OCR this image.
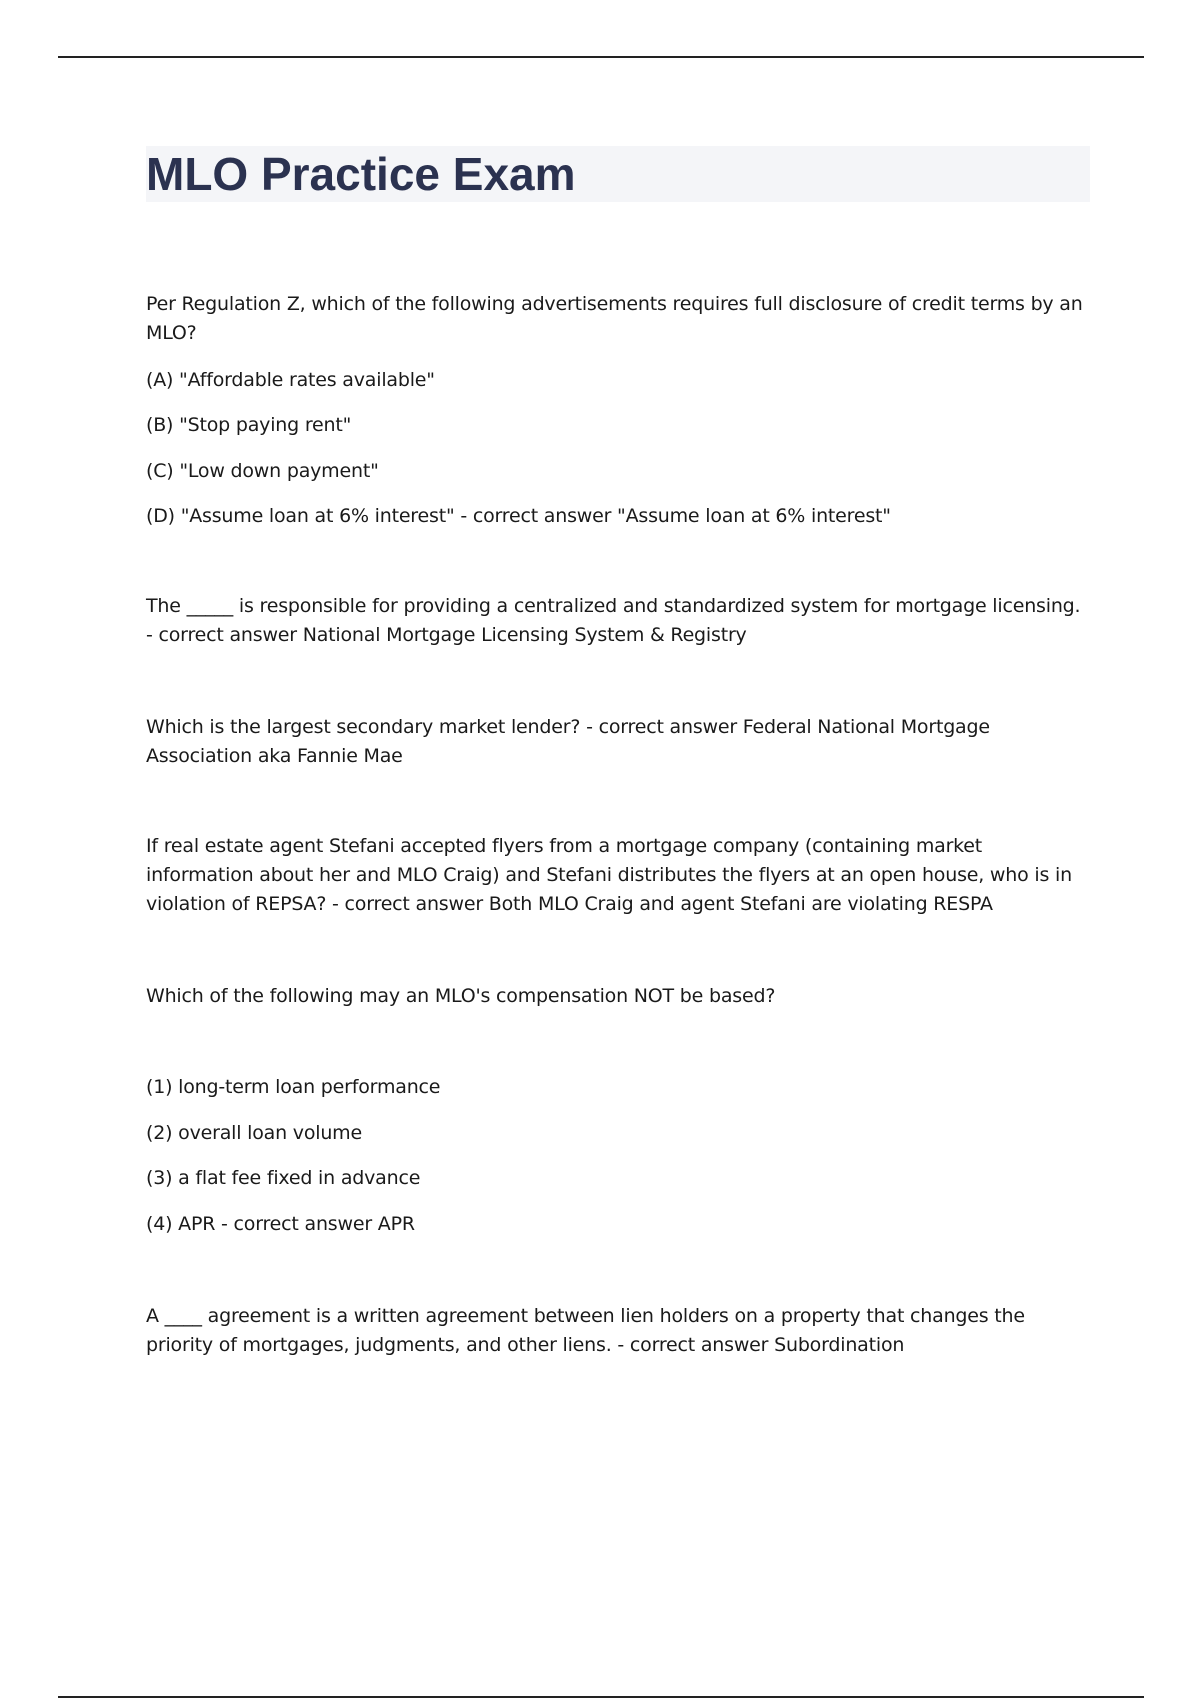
MLO Practice Exam

Per Regulation Z, which of the following advertisements requires full disclosure of credit terms by an MLO?

(A) "Affordable rates available"

(B) "Stop paying rent"

(C) "Low down payment"

(D) "Assume loan at 6% interest" - correct answer "Assume loan at 6% interest"

The _____ is responsible for providing a centralized and standardized system for mortgage licensing. - correct answer National Mortgage Licensing System & Registry

Which is the largest secondary market lender? - correct answer Federal National Mortgage Association aka Fannie Mae

If real estate agent Stefani accepted flyers from a mortgage company (containing market information about her and MLO Craig) and Stefani distributes the flyers at an open house, who is in violation of REPSA? - correct answer Both MLO Craig and agent Stefani are violating RESPA

Which of the following may an MLO's compensation NOT be based?

(1) long-term loan performance

(2) overall loan volume

(3) a flat fee fixed in advance

(4) APR - correct answer APR

A ____ agreement is a written agreement between lien holders on a property that changes the priority of mortgages, judgments, and other liens. - correct answer Subordination
